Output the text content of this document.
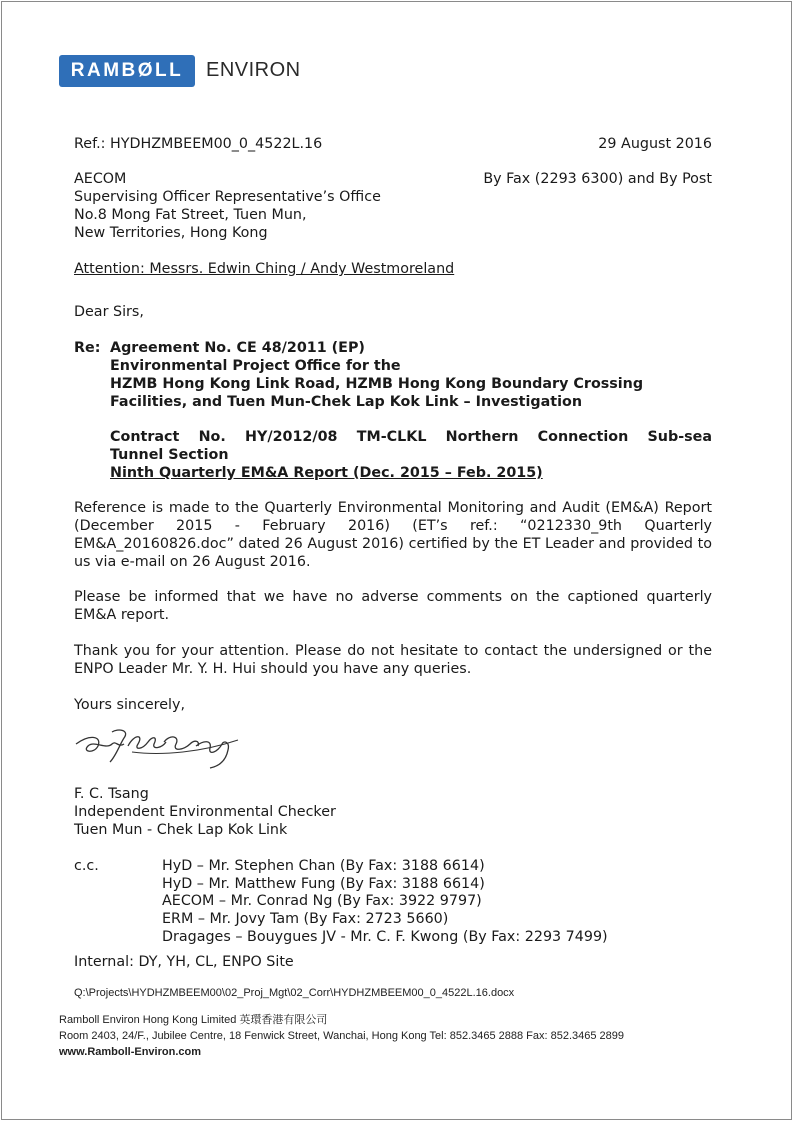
RAMBØLL	ENVIRON
Ref.: HYDHZMBEEM00_0_4522L.16	29 August 2016
By Fax (2293 6300) and By Post
AECOM
Supervising Officer Representative’s Office
No.8 Mong Fat Street, Tuen Mun,
New Territories, Hong Kong
Attention: Messrs. Edwin Ching / Andy Westmoreland
Dear Sirs,
Re: Agreement No. CE 48/2011 (EP)
Environmental Project Office for the
HZMB Hong Kong Link Road, HZMB Hong Kong Boundary Crossing
Facilities, and Tuen Mun-Chek Lap Kok Link – Investigation
Contract No. HY/2012/08 TM-CLKL Northern Connection Sub-sea
Tunnel Section
Ninth Quarterly EM&A Report (Dec. 2015 – Feb. 2015)
Reference is made to the Quarterly Environmental Monitoring and Audit (EM&A) Report (December 2015 - February 2016) (ET’s ref.: “0212330_9th Quarterly EM&A_20160826.doc” dated 26 August 2016) certified by the ET Leader and provided to us via e-mail on 26 August 2016.
Please be informed that we have no adverse comments on the captioned quarterly EM&A report.
Thank you for your attention. Please do not hesitate to contact the undersigned or the ENPO Leader Mr. Y. H. Hui should you have any queries.
Yours sincerely,
F. C. Tsang
Independent Environmental Checker
Tuen Mun - Chek Lap Kok Link
c.c.	HyD – Mr. Stephen Chan (By Fax: 3188 6614)
HyD – Mr. Matthew Fung (By Fax: 3188 6614)
AECOM – Mr. Conrad Ng (By Fax: 3922 9797)
ERM – Mr. Jovy Tam (By Fax: 2723 5660)
Dragages – Bouygues JV - Mr. C. F. Kwong (By Fax: 2293 7499)
Internal: DY, YH, CL, ENPO Site
Q:\Projects\HYDHZMBEEM00\02_Proj_Mgt\02_Corr\HYDHZMBEEM00_0_4522L.16.docx
Ramboll Environ Hong Kong Limited 英環香港有限公司
Room 2403, 24/F., Jubilee Centre, 18 Fenwick Street, Wanchai, Hong Kong Tel: 852.3465 2888 Fax: 852.3465 2899
www.Ramboll-Environ.com
